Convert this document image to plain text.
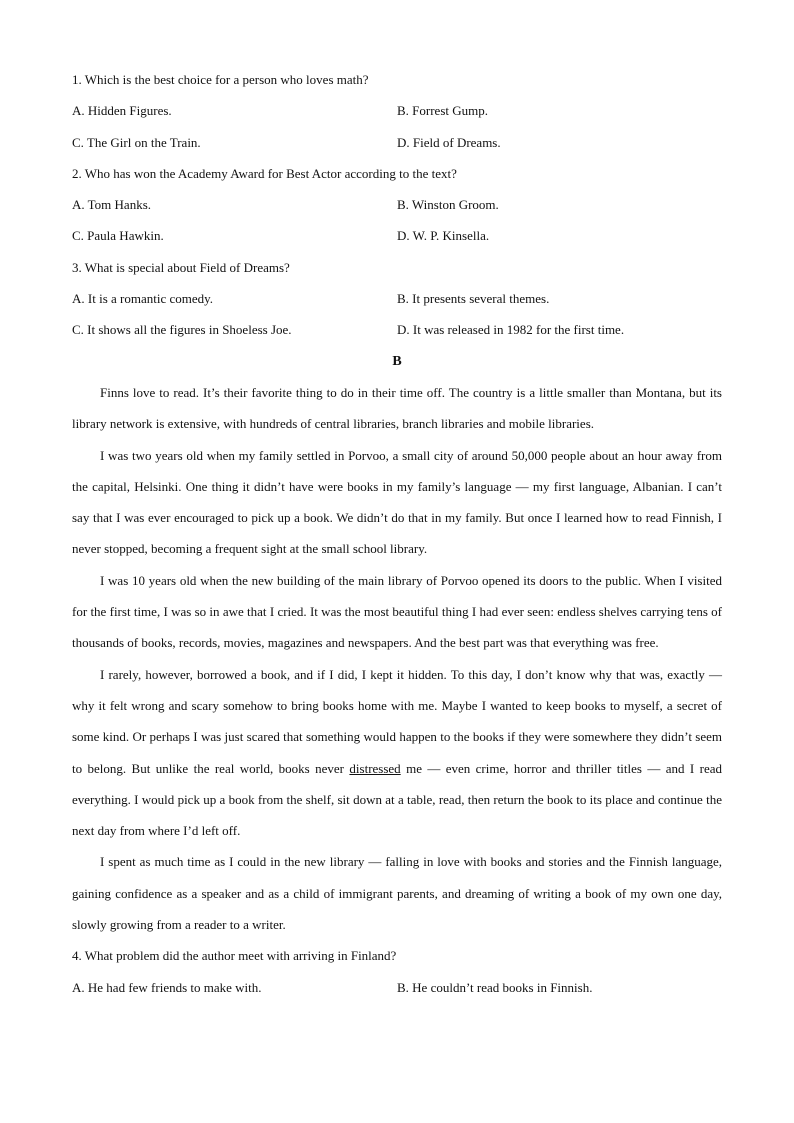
1. Which is the best choice for a person who loves math?
A. Hidden Figures.	B. Forrest Gump.
C. The Girl on the Train.	D. Field of Dreams.
2. Who has won the Academy Award for Best Actor according to the text?
A. Tom Hanks.	B. Winston Groom.
C. Paula Hawkin.	D. W. P. Kinsella.
3. What is special about Field of Dreams?
A. It is a romantic comedy.	B. It presents several themes.
C. It shows all the figures in Shoeless Joe.	D. It was released in 1982 for the first time.
B
Finns love to read. It’s their favorite thing to do in their time off. The country is a little smaller than Montana, but its library network is extensive, with hundreds of central libraries, branch libraries and mobile libraries.
I was two years old when my family settled in Porvoo, a small city of around 50,000 people about an hour away from the capital, Helsinki. One thing it didn’t have were books in my family’s language — my first language, Albanian. I can’t say that I was ever encouraged to pick up a book. We didn’t do that in my family. But once I learned how to read Finnish, I never stopped, becoming a frequent sight at the small school library.
I was 10 years old when the new building of the main library of Porvoo opened its doors to the public. When I visited for the first time, I was so in awe that I cried. It was the most beautiful thing I had ever seen: endless shelves carrying tens of thousands of books, records, movies, magazines and newspapers. And the best part was that everything was free.
I rarely, however, borrowed a book, and if I did, I kept it hidden. To this day, I don’t know why that was, exactly — why it felt wrong and scary somehow to bring books home with me. Maybe I wanted to keep books to myself, a secret of some kind. Or perhaps I was just scared that something would happen to the books if they were somewhere they didn’t seem to belong. But unlike the real world, books never distressed me — even crime, horror and thriller titles — and I read everything. I would pick up a book from the shelf, sit down at a table, read, then return the book to its place and continue the next day from where I’d left off.
I spent as much time as I could in the new library — falling in love with books and stories and the Finnish language, gaining confidence as a speaker and as a child of immigrant parents, and dreaming of writing a book of my own one day, slowly growing from a reader to a writer.
4. What problem did the author meet with arriving in Finland?
A. He had few friends to make with.	B. He couldn’t read books in Finnish.
